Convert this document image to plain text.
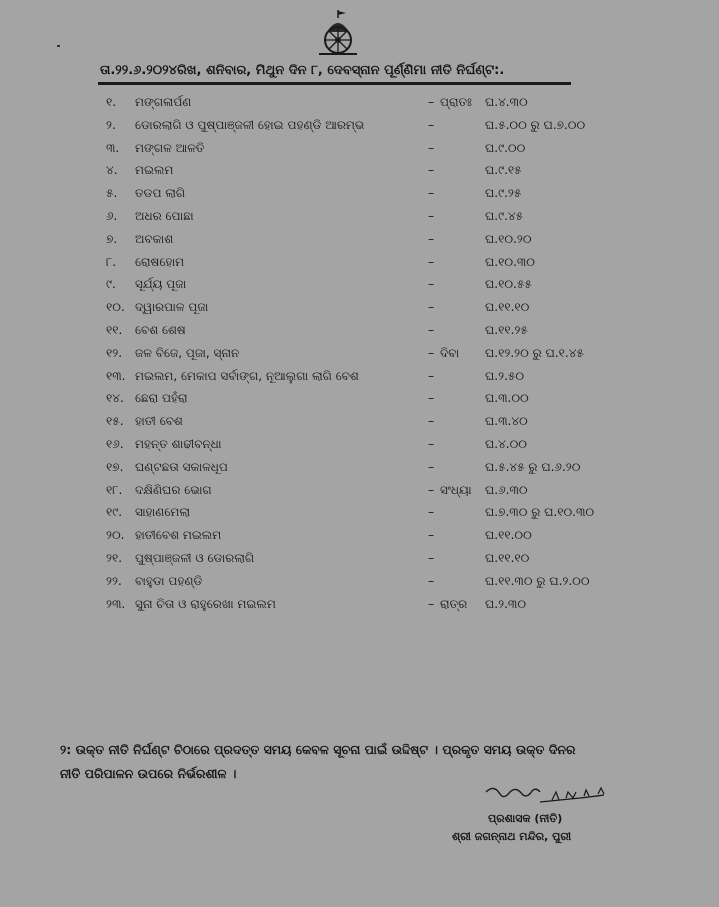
ତା.୨୨.୬.୨୦୨୪ରିଖ, ଶନିବାର, ମିଥୁନ ଦିନ ୮, ଦେବସ୍ନାନ ପୂର୍ଣ୍ଣିମା ନୀତି ନିର୍ଘଣ୍ଟ:.
୧.	ମଙ୍ଗଳାର୍ପଣ	– ପ୍ରାତଃ	ଘ.୪.୩୦
୨.	ଡୋରଲାଗି ଓ ପୁଷ୍ପାଞ୍ଜଳୀ ହୋଇ ପହଣ୍ଡି ଆରମ୍ଭ	–	ଘ.୫.୦୦ ରୁ ଘ.୭.୦୦
୩.	ମଙ୍ଗଳ ଆଳତି	–	ଘ.୯.୦୦
୪.	ମଇଲମ	–	ଘ.୯.୧୫
୫.	ତଡପ ଲାଗି	–	ଘ.୯.୨୫
୬.	ଅଧର ପୋଛା	–	ଘ.୯.୪୫
୭.	ଅବକାଶ	–	ଘ.୧୦.୨୦
୮.	ରୋଷହୋମ	–	ଘ.୧୦.୩୦
୯.	ସୂର୍ଯ୍ୟ ପୂଜା	–	ଘ.୧୦.୫୫
୧୦. ଦ୍ୱାରପାଳ ପୂଜା	–	ଘ.୧୧.୧୦
୧୧.	ବେଶ ଶେଷ	–	ଘ.୧୧.୨୫
୧୨.	ଜଳ ବିଜେ, ପୂଜା, ସ୍ନାନ	– ଦିବା	ଘ.୧୨.୨୦ ରୁ ଘ.୧.୪୫
୧୩. ମଇଲମ, ମେକାପ ସର୍ବାଙ୍ଗ, ନୂଆଲୁଗା ଲାଗି ବେଶ	–	ଘ.୨.୫୦
୧୪. ଛେରା ପହଁରା	–	ଘ.୩.୦୦
୧୫. ହାତୀ ବେଶ	–	ଘ.୩.୪୦
୧୬. ମହନ୍ତ ଶାଢୀବନ୍ଧା	–	ଘ.୪.୦୦
୧୭. ଘଣ୍ଟଛତା ସକାଳଧୂପ	–	ଘ.୫.୪୫ ରୁ ଘ.୬.୨୦
୧୮.	ଦକ୍ଷିଣିଘର ଭୋଗ	– ସଂଧ୍ୟା	ଘ.୬.୩୦
୧୯.	ସାହାଣମେଲା	–	ଘ.୭.୩୦ ରୁ ଘ.୧୦.୩୦
୨୦. ହାତୀବେଶ ମଇଲମ	–	ଘ.୧୧.୦୦
୨୧.	ପୁଷ୍ପାଞ୍ଜଳୀ ଓ ଡୋରଲାଗି	–	ଘ.୧୧.୧୦
୨୨.	ବାହୁଡା ପହଣ୍ଡି	–	ଘ.୧୧.୩୦ ରୁ ଘ.୨.୦୦
୨୩. ସୁନା ଚିତା ଓ ରାହୁରେଖା ମଇଲମ	– ରାତ୍ର	ଘ.୨.୩୦
୨: ଉକ୍ତ ନୀତି ନିର୍ଘଣ୍ଟ ଚିଠାରେ ପ୍ରଦତ୍ତ ସମୟ କେବଳ ସୂଚନା ପାଇଁ ଉଦ୍ଦିଷ୍ଟ । ପ୍ରକୃତ ସମୟ ଉକ୍ତ ଦିନର
ନୀତି ପରିପାଳନ ଉପରେ ନିର୍ଭରଶୀଳ ।
ପ୍ରଶାସକ (ନୀତି)
ଶ୍ରୀ ଜଗନ୍ନାଥ ମନ୍ଦିର, ପୁରୀ
